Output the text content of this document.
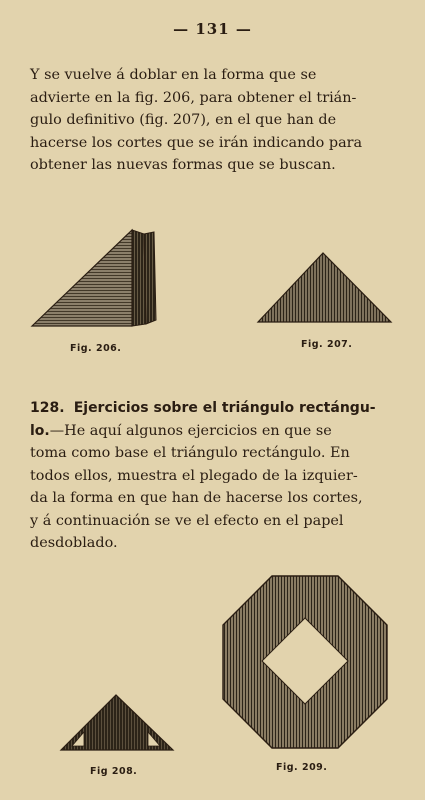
— 131 —

Y se vuelve á doblar en la forma que se
advierte en la fig. 206, para obtener el trián-
gulo definitivo (fig. 207), en el que han de
hacerse los cortes que se irán indicando para
obtener las nuevas formas que se buscan.

Fig. 206.	Fig. 207.

128. Ejercicios sobre el triángulo rectángu-
lo.—He aquí algunos ejercicios en que se
toma como base el triángulo rectángulo. En
todos ellos, muestra el plegado de la izquier-
da la forma en que han de hacerse los cortes,
y á continuación se ve el efecto en el papel
desdoblado.

Fig 208.	Fig. 209.
